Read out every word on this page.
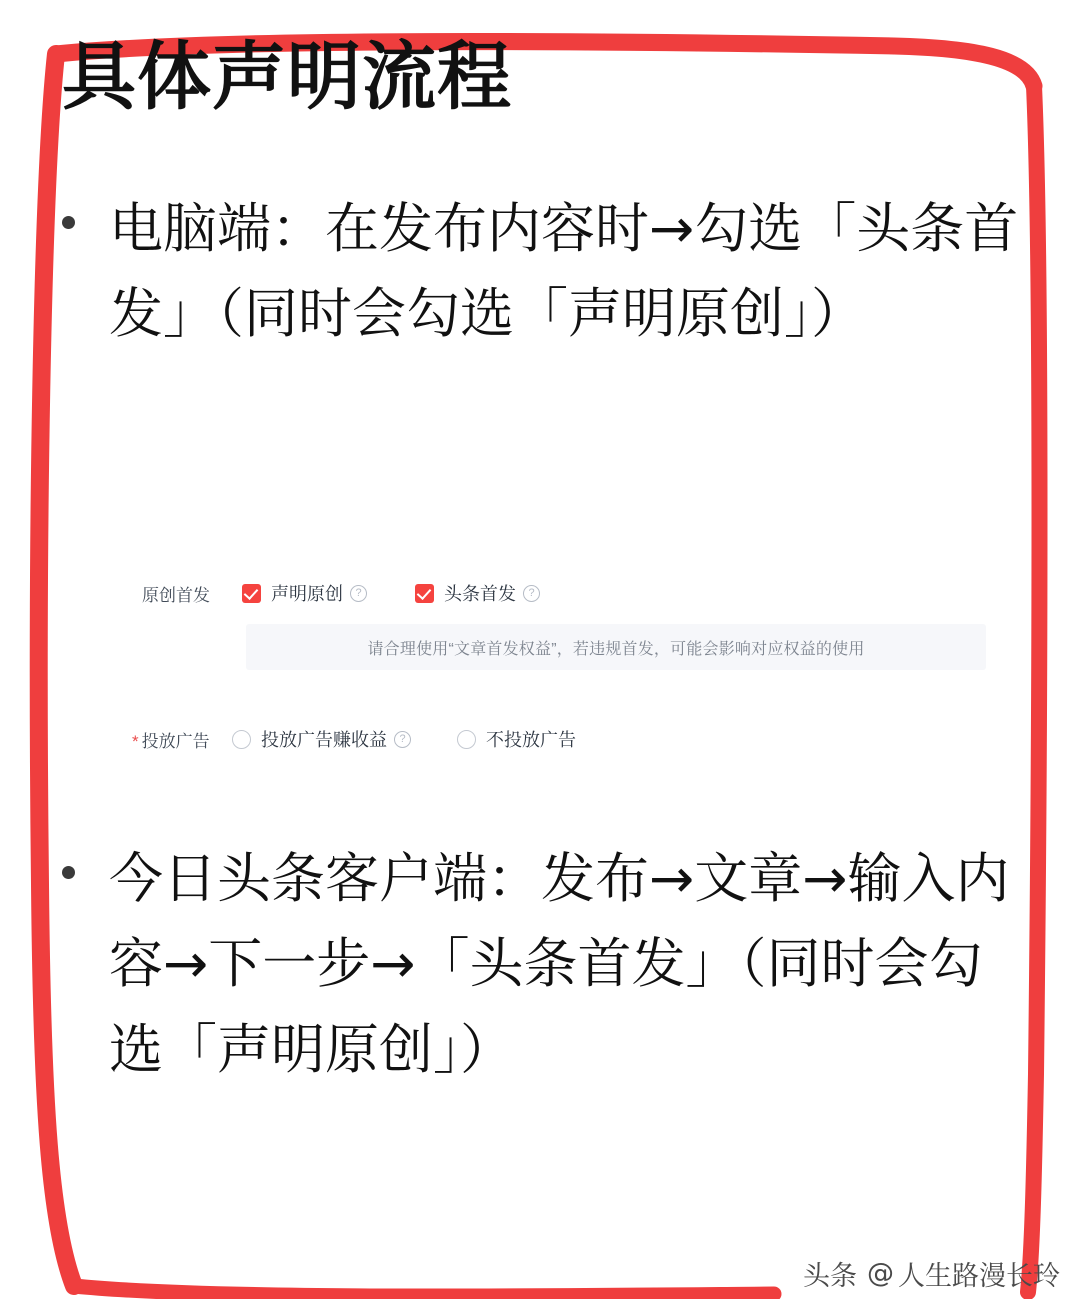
具体声明流程
电脑端：在发布内容时→勾选「头条首发」（同时会勾选「声明原创」）
原创首发	声明原创	?	头条首发	?
请合理使用“文章首发权益”，若违规首发，可能会影响对应权益的使用
* 投放广告	投放广告赚收益	?	不投放广告
今日头条客户端：发布→文章→输入内容→下一步→「头条首发」（同时会勾选「声明原创」）
头条 @ 人生路漫长玲
